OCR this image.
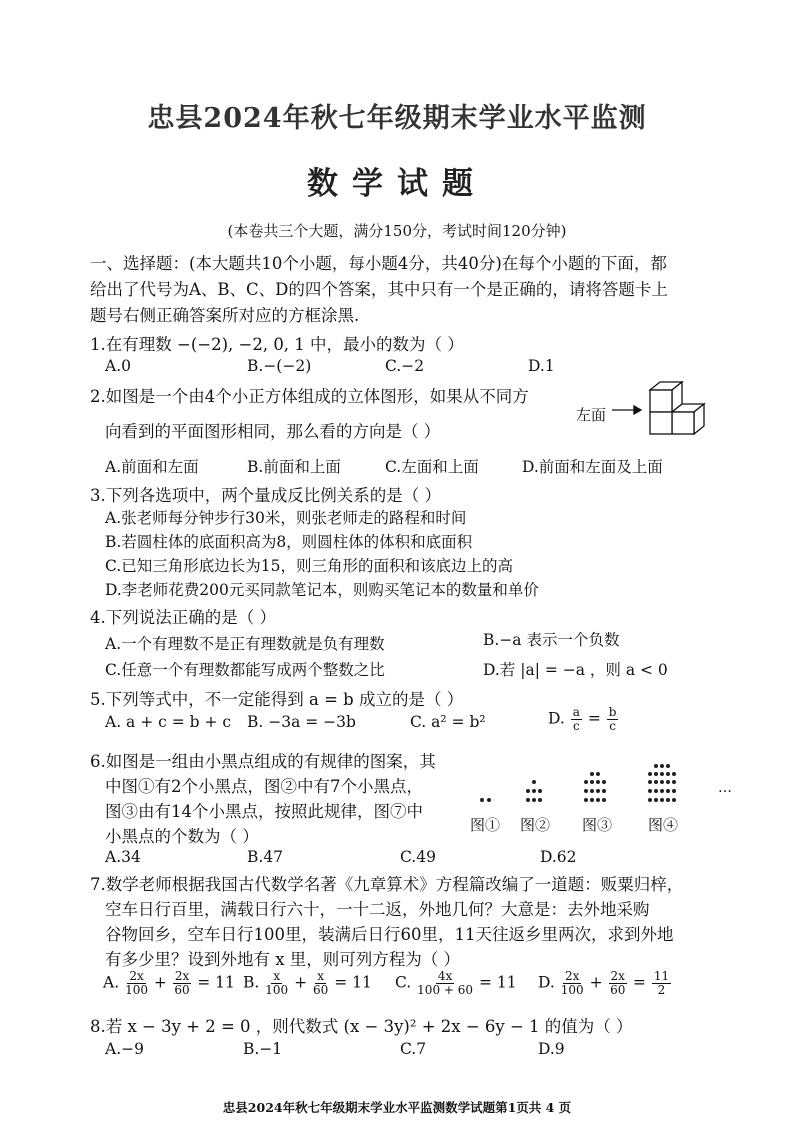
忠县2024年秋七年级期末学业水平监测
数学试题
(本卷共三个大题，满分150分，考试时间120分钟)
一、选择题：(本大题共10个小题，每小题4分，共40分)在每个小题的下面，都
给出了代号为A、B、C、D的四个答案，其中只有一个是正确的，请将答题卡上
题号右侧正确答案所对应的方框涂黑.
1.在有理数 −(−2), −2, 0, 1 中，最小的数为（ ）
A.0	B.−(−2)	C.−2	D.1
2.如图是一个由4个小正方体组成的立体图形，如果从不同方
向看到的平面图形相同，那么看的方向是（ ）
左面
A.前面和左面	B.前面和上面	C.左面和上面	D.前面和左面及上面
3.下列各选项中，两个量成反比例关系的是（ ）
A.张老师每分钟步行30米，则张老师走的路程和时间
B.若圆柱体的底面积高为8，则圆柱体的体积和底面积
C.已知三角形底边长为15，则三角形的面积和该底边上的高
D.李老师花费200元买同款笔记本，则购买笔记本的数量和单价
4.下列说法正确的是（ ）
A.一个有理数不是正有理数就是负有理数	B.−a 表示一个负数
C.任意一个有理数都能写成两个整数之比	D.若 |a| = −a ，则 a < 0
5.下列等式中，不一定能得到 a = b 成立的是（ ）
A. a + c = b + c B. −3a = −3b	C. a² = b²	D. $\frac{a}{c} = \frac{b}{c}$
6.如图是一组由小黑点组成的有规律的图案，其
中图①有2个小黑点，图②中有7个小黑点，
图③由有14个小黑点，按照此规律，图⑦中
小黑点的个数为（ ）
…
图① 图② 图③ 图④
A.34	B.47	C.49	D.62
7.数学老师根据我国古代数学名著《九章算术》方程篇改编了一道题：贩粟归梓，
空车日行百里，满载日行六十，一十二返，外地几何？大意是：去外地采购
谷物回乡，空车日行100里，装满后日行60里，11天往返乡里两次，求到外地
有多少里？设到外地有 x 里，则可列方程为（ ）
A. $\frac{2x}{100} + \frac{2x}{60} = 11$ B. $\frac{x}{100} + \frac{x}{60} = 11$ C. $\frac{4x}{100 + 60} = 11$ D. $\frac{2x}{100} + \frac{2x}{60} = \frac{11}{2}$
8.若 x − 3y + 2 = 0 ，则代数式 (x − 3y)² + 2x − 6y − 1 的值为（ ）
A.−9	B.−1	C.7	D.9
忠县2024年秋七年级期末学业水平监测数学试题第1页共 4 页
